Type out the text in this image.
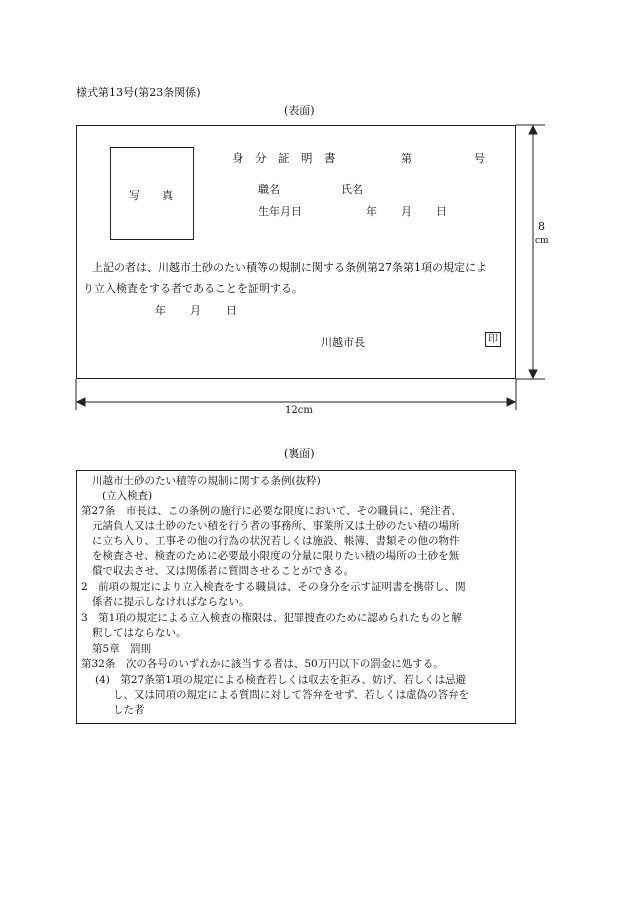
様式第13号(第23条関係)
(表面)
写　　真
身　分　証　明　書	第	号
職名	氏名
生年月日	年 月 日
上記の者は、川越市土砂のたい積等の規制に関する条例第27条第1項の規定によ
り立入検査をする者であることを証明する。
年 月 日
川越市長	印
8
cm
12cm
(裏面)
川越市土砂のたい積等の規制に関する条例(抜粋)
(立入検査)
第27条　市長は、この条例の施行に必要な限度において、その職員に、発注者、
元請負人又は土砂のたい積を行う者の事務所、事業所又は土砂のたい積の場所
に立ち入り、工事その他の行為の状況若しくは施設、帳簿、書類その他の物件
を検査させ、検査のために必要最小限度の分量に限りたい積の場所の土砂を無
償で収去させ、又は関係者に質問させることができる。
2　前項の規定により立入検査をする職員は、その身分を示す証明書を携帯し、関
係者に提示しなければならない。
3　第1項の規定による立入検査の権限は、犯罪捜査のために認められたものと解
釈してはならない。
第5章　罰則
第32条　次の各号のいずれかに該当する者は、50万円以下の罰金に処する。
(4)　第27条第1項の規定による検査若しくは収去を拒み、妨げ、若しくは忌避
し、又は同項の規定による質問に対して答弁をせず、若しくは虚偽の答弁を
した者
